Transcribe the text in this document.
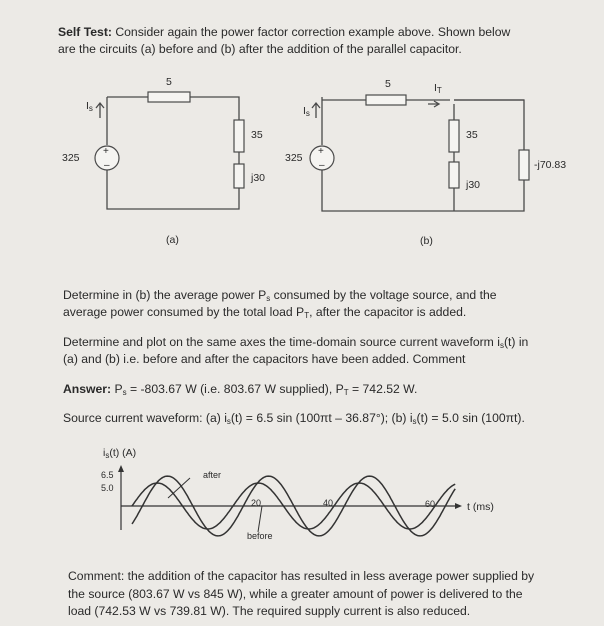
Self Test: Consider again the power factor correction example above. Shown below
are the circuits (a) before and (b) after the addition of the parallel capacitor.
+
–
+
–
5
$I_s$
35
j30
325
(a)
5	$I_T$
$I_s$
35
j30
-j70.83
325
(b)
Determine in (b) the average power $P_s$ consumed by the voltage source, and the
average power consumed by the total load $P_T$, after the capacitor is added.
Determine and plot on the same axes the time-domain source current waveform $i_s(t)$ in
(a) and (b) i.e. before and after the capacitors have been added. Comment
Answer: $P_s = -803.67$ W (i.e. 803.67 W supplied), $P_T = 742.52$ W.
Source current waveform: (a) $i_s(t) = 6.5$ sin (100πt – 36.87°); (b) $i_s(t) = 5.0$ sin (100πt).
$i_s(t)$ (A)
6.5
5.0
20	40	60
after
before
t (ms)
Comment: the addition of the capacitor has resulted in less average power supplied by
the source (803.67 W vs 845 W), while a greater amount of power is delivered to the
load (742.53 W vs 739.81 W). The required supply current is also reduced.
